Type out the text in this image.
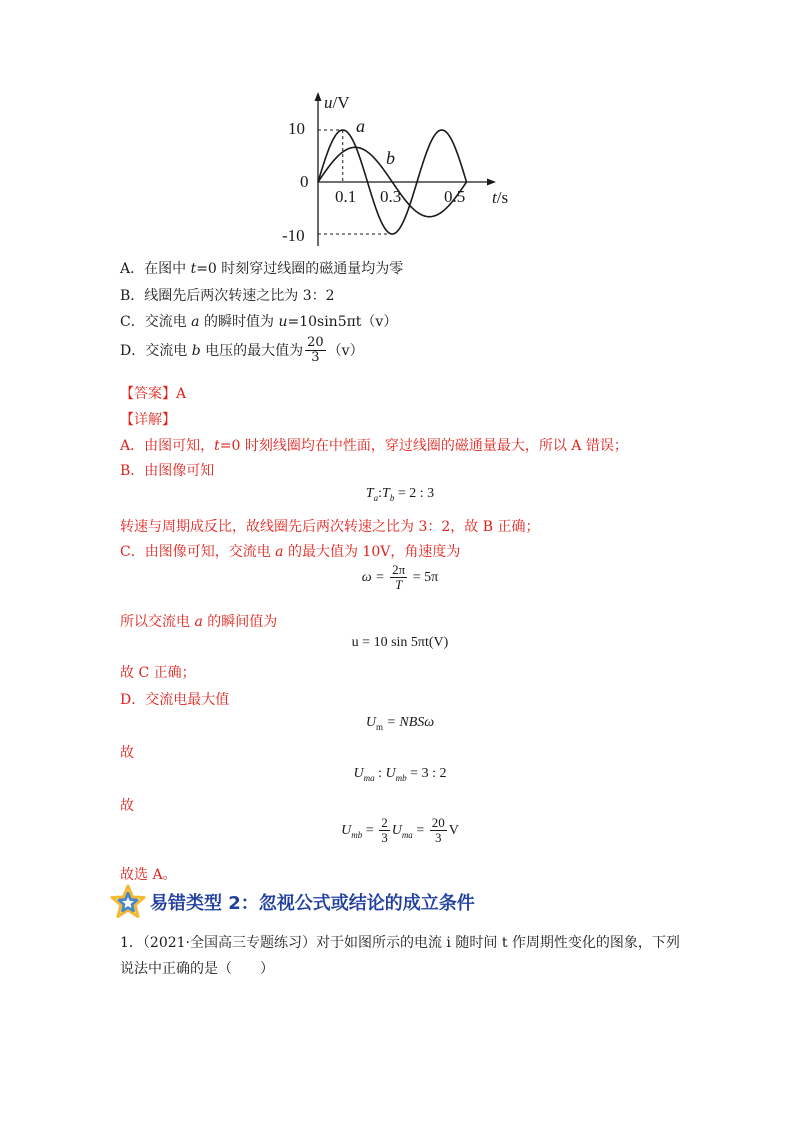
u/V
t/s
10
0
-10
0.1 0.3	0.5
a
b
A．在图中 t=0 时刻穿过线圈的磁通量均为零
B．线圈先后两次转速之比为 3：2
C．交流电 a 的瞬时值为 u=10sin5πt（v）
D．交流电 b 电压的最大值为 $\frac{20}{3} (v)$
【答案】A
【详解】
A．由图可知，t=0 时刻线圈均在中性面，穿过线圈的磁通量最大，所以 A 错误；
B．由图像可知
$T_a:T_b = 2$ : 3
转速与周期成反比，故线圈先后两次转速之比为 3：2，故 B 正确；
C．由图像可知，交流电 a 的最大值为 10V，角速度为
$\omega = \frac{2\pi}{T} = 5\pi$
所以交流电 a 的瞬间值为
u = 10 sin 5πt(V)
故 C 正确；
D．交流电最大值
$U_m = NBS\omega$
故
$U_{ma}$ : $U_{mb} = 3$ : 2
故
$U_{mb} = \frac{2}{3} U_{ma} = \frac{20}{3}$ V
故选 A。
易错类型 2：忽视公式或结论的成立条件
1．（2021·全国高三专题练习）对于如图所示的电流 i 随时间 t 作周期性变化的图象，下列
说法中正确的是（　　）
